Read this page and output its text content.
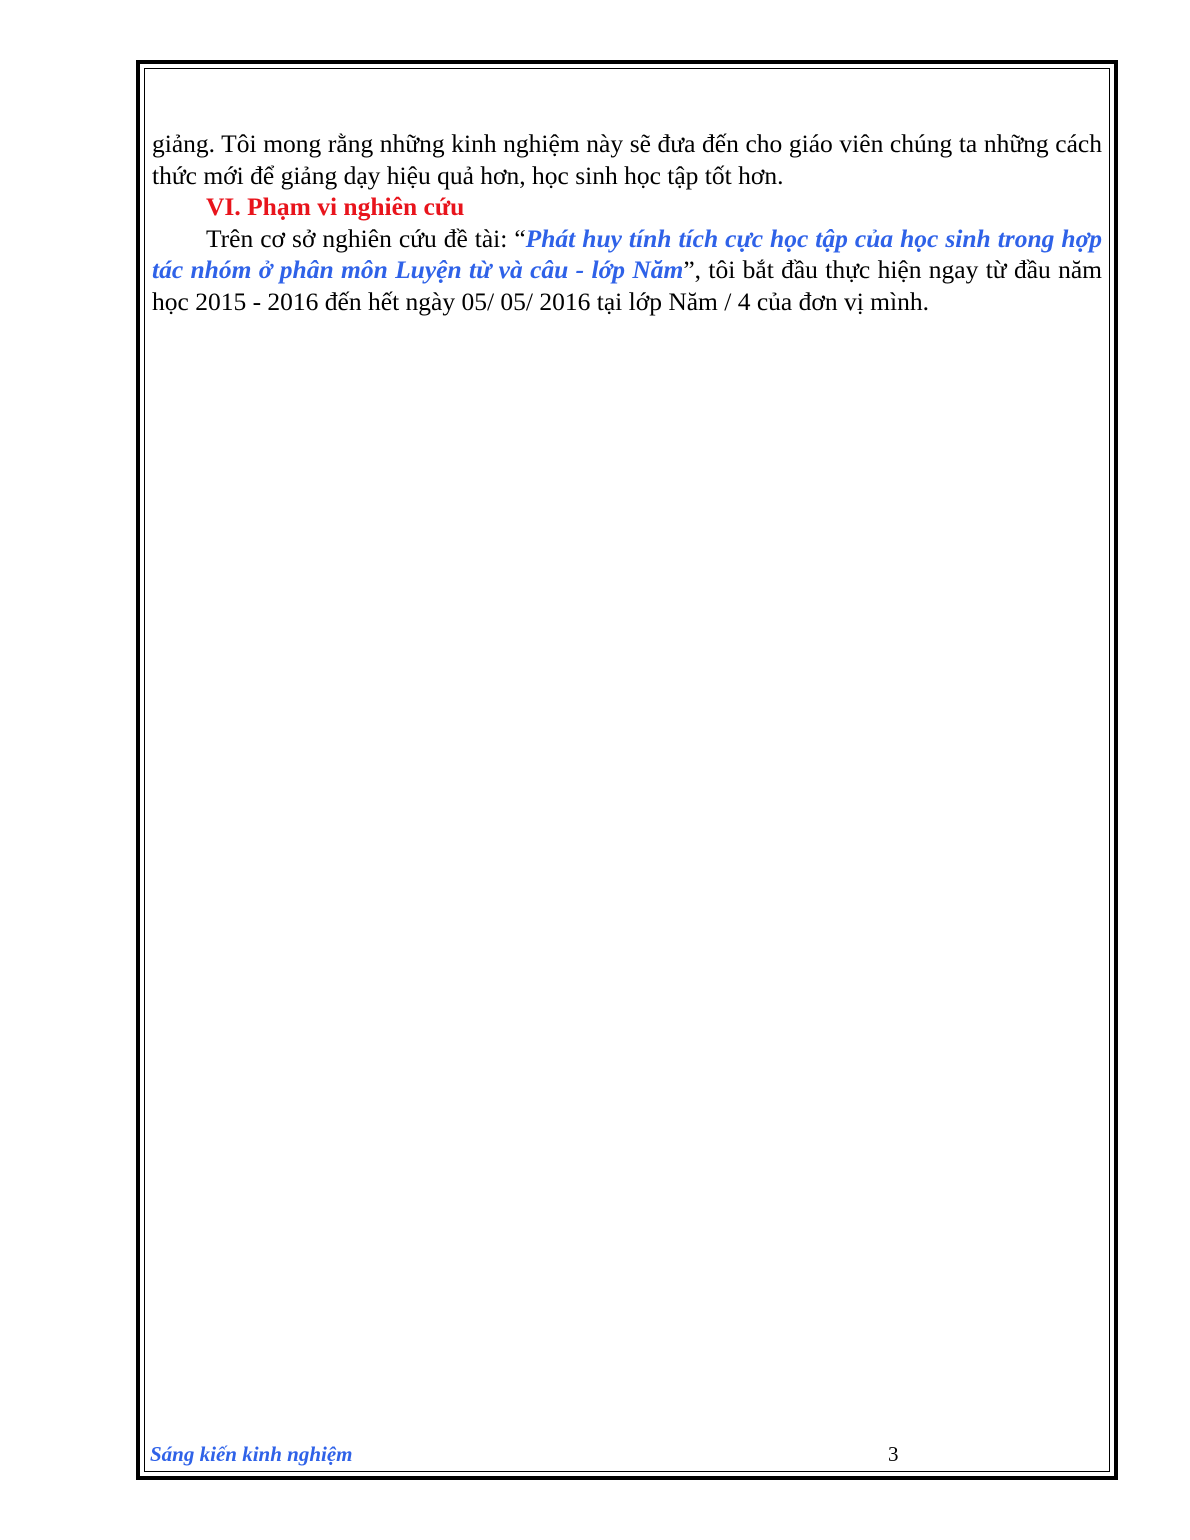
giảng. Tôi mong rằng những kinh nghiệm này sẽ đưa đến cho giáo viên chúng ta những cách thức mới để giảng dạy hiệu quả hơn, học sinh học tập tốt hơn.

VI. Phạm vi nghiên cứu

Trên cơ sở nghiên cứu đề tài: “Phát huy tính tích cực học tập của học sinh trong hợp tác nhóm ở phân môn Luyện từ và câu - lớp Năm”, tôi bắt đầu thực hiện ngay từ đầu năm học 2015 - 2016 đến hết ngày 05/ 05/ 2016 tại lớp Năm / 4 của đơn vị mình.

Sáng kiến kinh nghiệm	3
